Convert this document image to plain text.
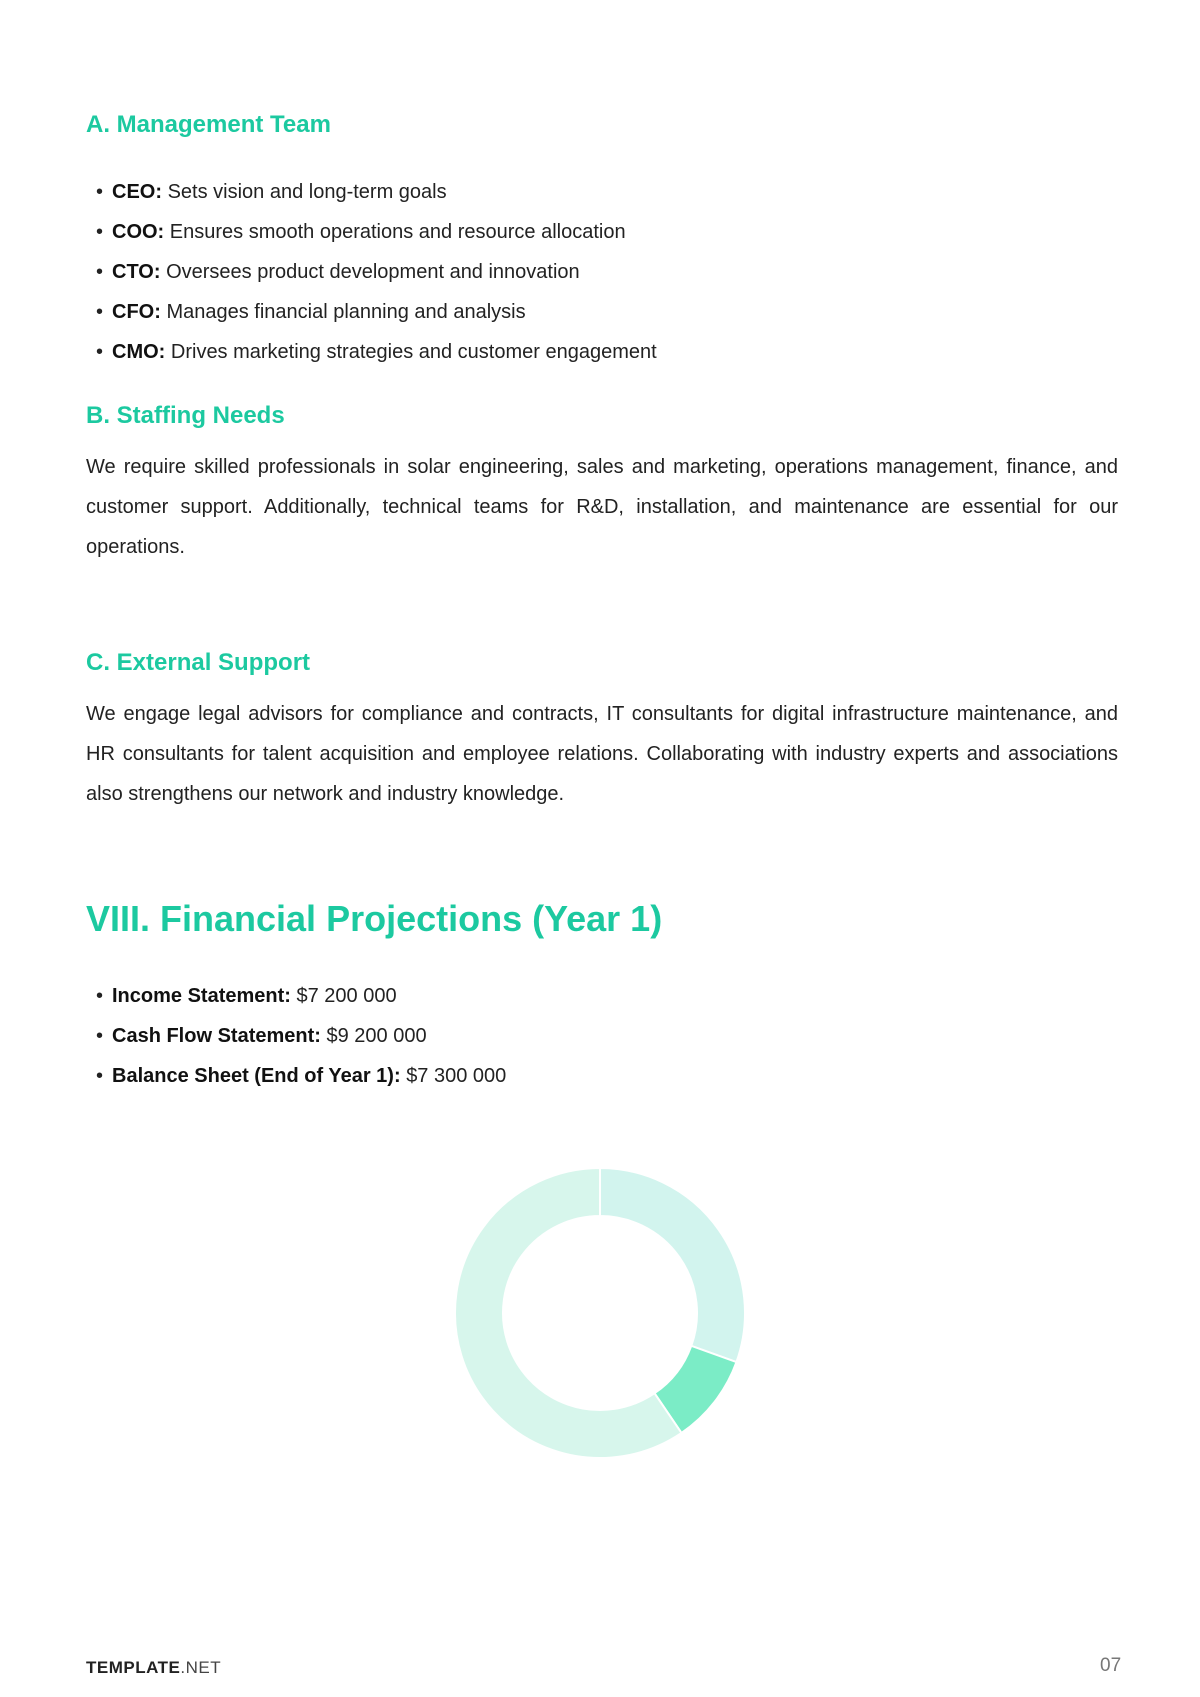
A. Management Team
• CEO: Sets vision and long-term goals
• COO: Ensures smooth operations and resource allocation
• CTO: Oversees product development and innovation
• CFO: Manages financial planning and analysis
• CMO: Drives marketing strategies and customer engagement
B. Staffing Needs

We require skilled professionals in solar engineering, sales and marketing, operations management, finance, and customer support. Additionally, technical teams for R&D, installation, and maintenance are essential for our operations.

C. External Support

We engage legal advisors for compliance and contracts, IT consultants for digital infrastructure maintenance, and HR consultants for talent acquisition and employee relations. Collaborating with industry experts and associations also strengthens our network and industry knowledge.

VIII. Financial Projections (Year 1)
• Income Statement: $7 200 000
• Cash Flow Statement: $9 200 000
• Balance Sheet (End of Year 1): $7 300 000
TEMPLATE.NET	07
